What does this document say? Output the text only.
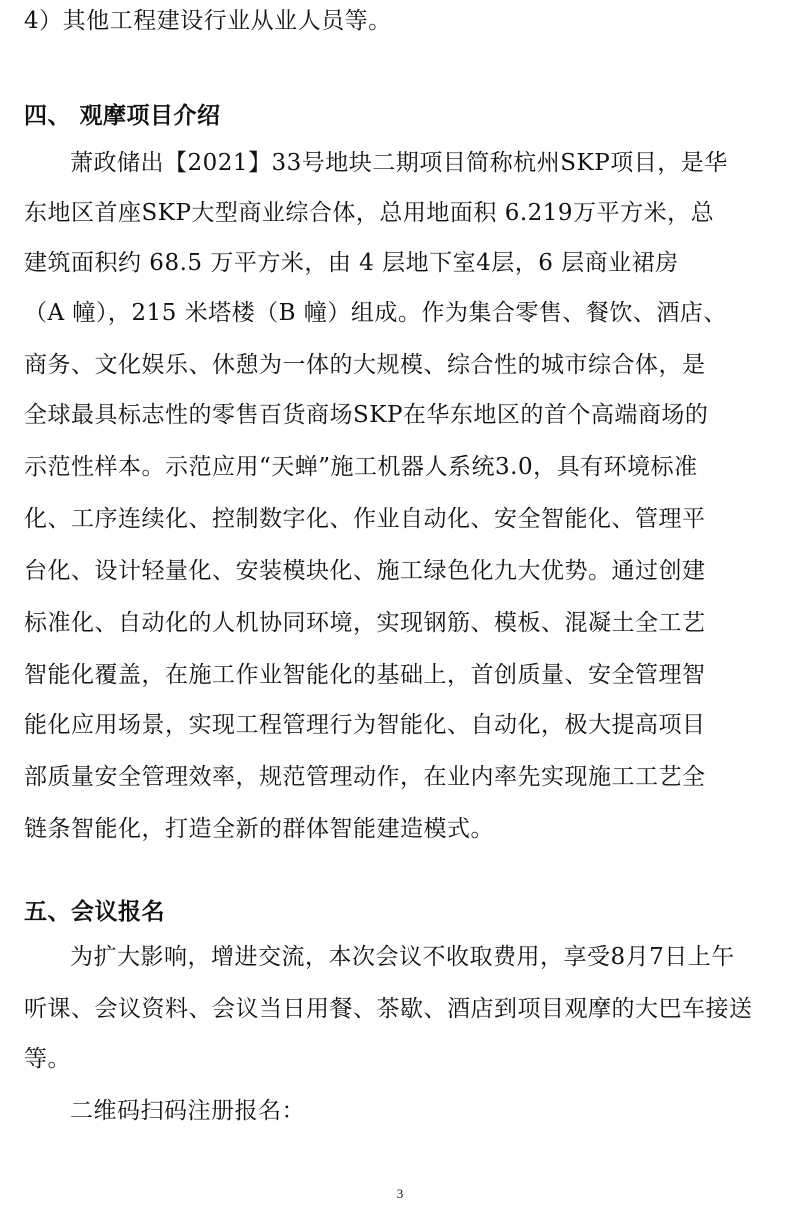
4）其他工程建设行业从业人员等。
四、 观摩项目介绍
萧政储出【2021】33号地块二期项目简称杭州SKP项目，是华
东地区首座SKP大型商业综合体，总用地面积 6.219万平方米，总
建筑面积约 68.5 万平方米，由 4 层地下室4层，6 层商业裙房
（A 幢），215 米塔楼（B 幢）组成。作为集合零售、餐饮、酒店、
商务、文化娱乐、休憩为一体的大规模、综合性的城市综合体，是
全球最具标志性的零售百货商场SKP在华东地区的首个高端商场的
示范性样本。示范应用“天蝉”施工机器人系统3.0，具有环境标准
化、工序连续化、控制数字化、作业自动化、安全智能化、管理平
台化、设计轻量化、安装模块化、施工绿色化九大优势。通过创建
标准化、自动化的人机协同环境，实现钢筋、模板、混凝土全工艺
智能化覆盖，在施工作业智能化的基础上，首创质量、安全管理智
能化应用场景，实现工程管理行为智能化、自动化，极大提高项目
部质量安全管理效率，规范管理动作，在业内率先实现施工工艺全
链条智能化，打造全新的群体智能建造模式。
五、会议报名
为扩大影响，增进交流，本次会议不收取费用，享受8月7日上午
听课、会议资料、会议当日用餐、茶歇、酒店到项目观摩的大巴车接送
等。
二维码扫码注册报名：
3
